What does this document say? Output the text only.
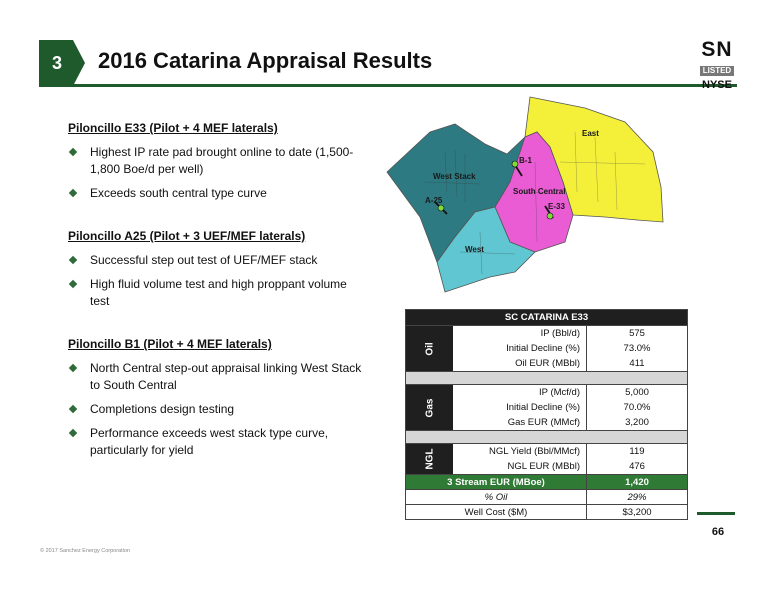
3	2016 Catarina Appraisal Results	SN
LISTED
NYSE
Piloncillo E33 (Pilot + 4 MEF laterals)
Highest IP rate pad brought online to date (1,500-1,800 Boe/d per well)
Exceeds south central type curve
Piloncillo A25 (Pilot + 3 UEF/MEF laterals)
Successful step out test of UEF/MEF stack
High fluid volume test and high proppant volume test
Piloncillo B1 (Pilot + 4 MEF laterals)
North Central step-out appraisal linking West Stack to South Central
Completions design testing
Performance exceeds west stack type curve, particularly for yield
East
West Stack
South Central
West
B-1
A-25
E-33
SC CATARINA E33
Oil
IP (Bbl/d)	575
Initial Decline (%)	73.0%
Oil EUR (MBbl)	411
Gas
IP (Mcf/d)	5,000
Initial Decline (%)	70.0%
Gas EUR (MMcf)	3,200
NGL	NGL Yield (Bbl/MMcf)	119
NGL EUR (MBbl)	476
3 Stream EUR (MBoe)	1,420
% Oil	29%
Well Cost ($M)	$3,200
66
© 2017 Sanchez Energy Corporation
